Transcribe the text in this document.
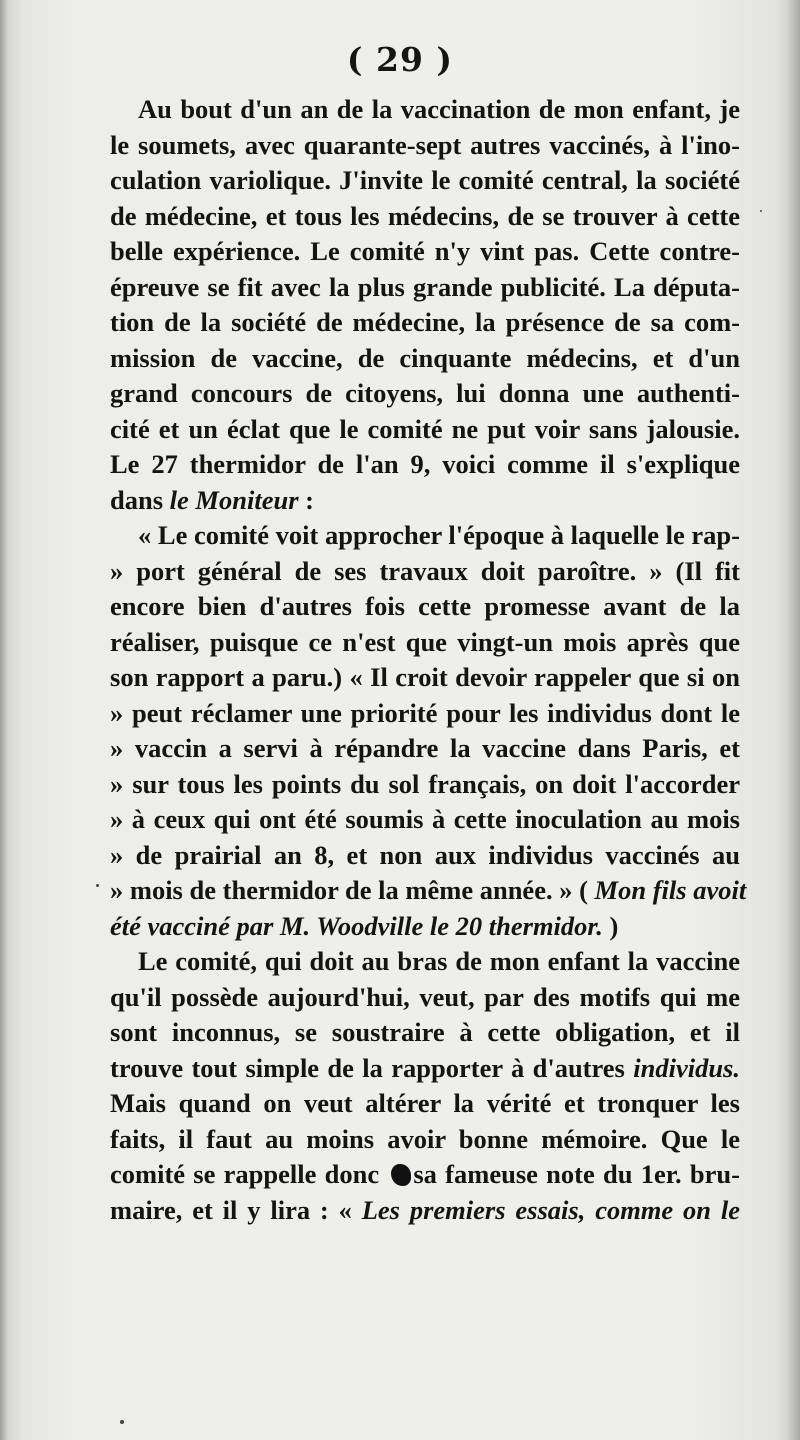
( 29 )
Au bout d'un an de la vaccination de mon enfant, je
le soumets, avec quarante-sept autres vaccinés, à l'ino-
culation variolique. J'invite le comité central, la société
de médecine, et tous les médecins, de se trouver à cette
belle expérience. Le comité n'y vint pas. Cette contre-
épreuve se fit avec la plus grande publicité. La députa-
tion de la société de médecine, la présence de sa com-
mission de vaccine, de cinquante médecins, et d'un
grand concours de citoyens, lui donna une authenti-
cité et un éclat que le comité ne put voir sans jalousie.
Le 27 thermidor de l'an 9, voici comme il s'explique
dans le Moniteur :
« Le comité voit approcher l'époque à laquelle le rap-
» port général de ses travaux doit paroître. » (Il fit
encore bien d'autres fois cette promesse avant de la
réaliser, puisque ce n'est que vingt-un mois après que
son rapport a paru.) « Il croit devoir rappeler que si on
» peut réclamer une priorité pour les individus dont le
» vaccin a servi à répandre la vaccine dans Paris, et
» sur tous les points du sol français, on doit l'accorder
» à ceux qui ont été soumis à cette inoculation au mois
» de prairial an 8, et non aux individus vaccinés au
» mois de thermidor de la même année. » ( Mon fils avoit
été vacciné par M. Woodville le 20 thermidor. )
Le comité, qui doit au bras de mon enfant la vaccine
qu'il possède aujourd'hui, veut, par des motifs qui me
sont inconnus, se soustraire à cette obligation, et il
trouve tout simple de la rapporter à d'autres individus.
Mais quand on veut altérer la vérité et tronquer les
faits, il faut au moins avoir bonne mémoire. Que le
comité se rappelle donc sa fameuse note du 1er. bru-
maire, et il y lira : « Les premiers essais, comme on le
